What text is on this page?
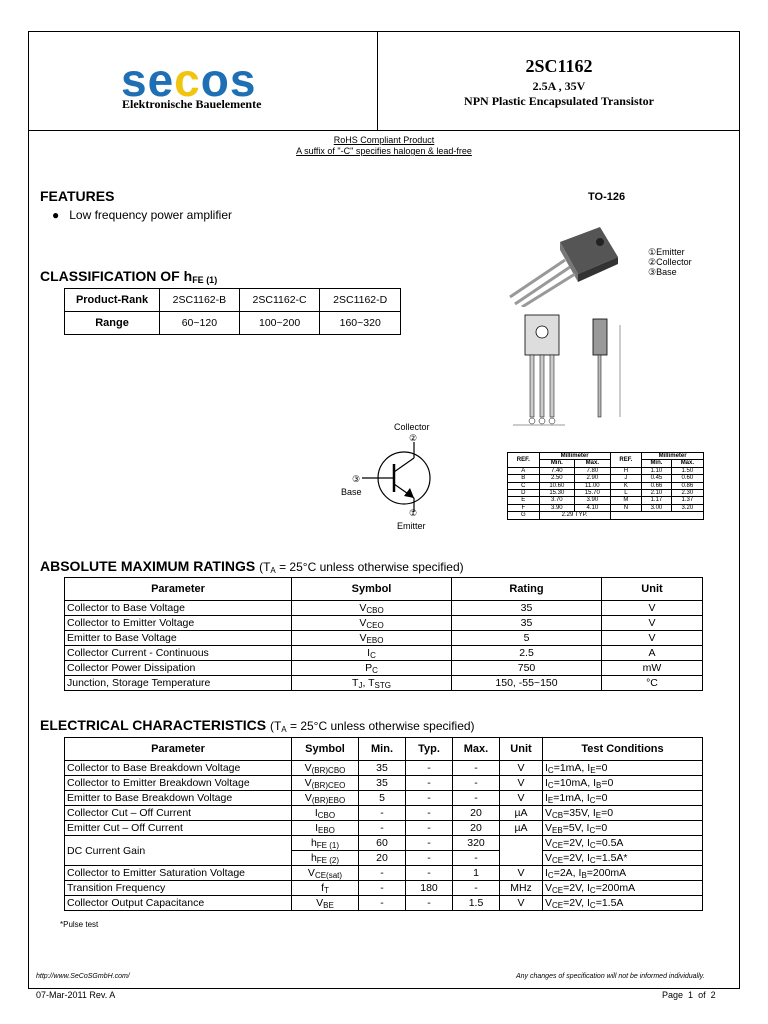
secos
Elektronische Bauelemente
2SC1162
2.5A , 35V
NPN Plastic Encapsulated Transistor
RoHS Compliant Product
A suffix of "-C" specifies halogen & lead-free
FEATURES
●   Low frequency power amplifier
TO-126
①Emitter
②Collector
③Base
CLASSIFICATION OF $h_{FE (1)}$
Product-Rank	2SC1162-B	2SC1162-C	2SC1162-D
Range	60~120	100~200	160~320
Collector
②
③
Base
①
Emitter
REF.	Millimeter		REF.	Millimeter	
	Min.	Max.		Min.	Max.
A	7.40	7.80	H	1.10	1.50
B	2.50	2.90	J	0.45	0.60
C	10.60	11.00	K	0.66	0.86
D	15.30	15.70	L	2.10	2.30
E	3.70	3.90	M	1.17	1.37
F	3.90	4.10	N	3.00	3.20
G	2.29 TYP.				
ABSOLUTE MAXIMUM RATINGS ($T_A = 25^\circ C$ unless otherwise specified)
Parameter	Symbol	Rating	Unit
Collector to Base Voltage	$V_{CBO}$	35	V
Collector to Emitter Voltage	$V_{CEO}$	35	V
Emitter to Base Voltage	$V_{EBO}$	5	V
Collector Current - Continuous	$I_C$	2.5	A
Collector Power Dissipation	$P_C$	750	mW
Junction, Storage Temperature	$T_J$, $T_{STG}$	150, -55~150	°C
ELECTRICAL CHARACTERISTICS ($T_A = 25^\circ C$ unless otherwise specified)
Parameter	Symbol	Min.	Typ.	Max.	Unit	Test Conditions
Collector to Base Breakdown Voltage	$V_{(BR)CBO}$	35	-	-	V	$I_C=1mA$, $I_E=0$
Collector to Emitter Breakdown Voltage	$V_{(BR)CEO}$	35	-	-	V	$I_C=10mA$, $I_B=0$
Emitter to Base Breakdown Voltage	$V_{(BR)EBO}$	5	-	-	V	$I_E=1mA$, $I_C=0$
Collector Cut – Off Current	$I_{CBO}$	-	-	20	µA	$V_{CB}=35V$, $I_E=0$
Emitter Cut – Off Current	$I_{EBO}$	-	-	20	µA	$V_{EB}=5V$, $I_C=0$
DC Current Gain	$h_{FE (1)}$	60	-	320		$V_{CE}=2V$, $I_C=0.5A$
	$h_{FE (2)}$	20	-	-		$V_{CE}=2V$, $I_C=1.5A*$
Collector to Emitter Saturation Voltage	$V_{CE(sat)}$	-	-	1	V	$I_C=2A$, $I_B=200mA$
Transition Frequency	$f_T$	-	180	-	MHz	$V_{CE}=2V$, $I_C=200mA$
Collector Output Capacitance	$V_{BE}$	-	-	1.5	V	$V_{CE}=2V$, $I_C=1.5A$
*Pulse test
http://www.SeCoSGmbH.com/	Any changes of specification will not be informed individually.
07-Mar-2011 Rev. A	Page 1 of 2
